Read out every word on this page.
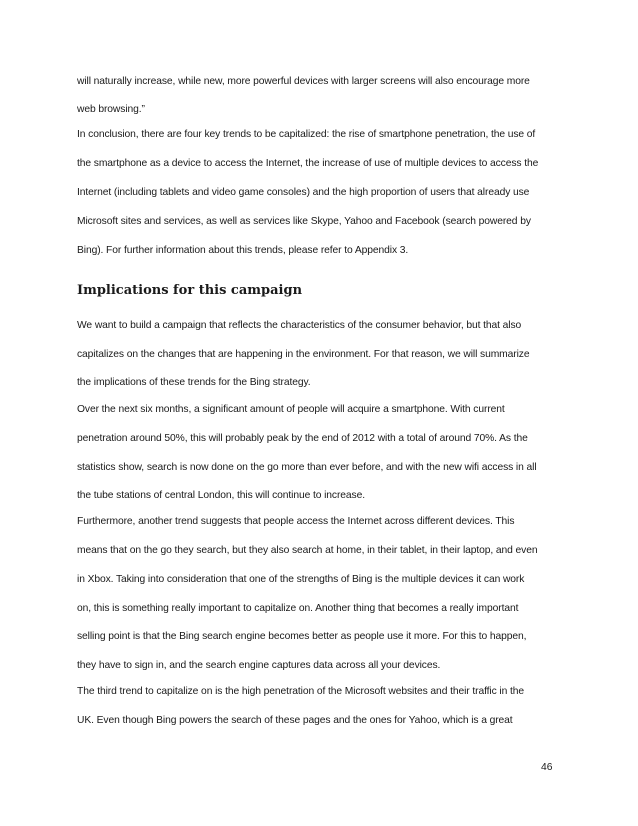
will naturally increase, while new, more powerful devices with larger screens will also encourage more
web browsing.”
In conclusion, there are four key trends to be capitalized: the rise of smartphone penetration, the use of
the smartphone as a device to access the Internet, the increase of use of multiple devices to access the
Internet (including tablets and video game consoles) and the high proportion of users that already use
Microsoft sites and services, as well as services like Skype, Yahoo and Facebook (search powered by
Bing). For further information about this trends, please refer to Appendix 3.
Implications for this campaign
We want to build a campaign that reflects the characteristics of the consumer behavior, but that also
capitalizes on the changes that are happening in the environment. For that reason, we will summarize
the implications of these trends for the Bing strategy.
Over the next six months, a significant amount of people will acquire a smartphone. With current
penetration around 50%, this will probably peak by the end of 2012 with a total of around 70%. As the
statistics show, search is now done on the go more than ever before, and with the new wifi access in all
the tube stations of central London, this will continue to increase.
Furthermore, another trend suggests that people access the Internet across different devices. This
means that on the go they search, but they also search at home, in their tablet, in their laptop, and even
in Xbox. Taking into consideration that one of the strengths of Bing is the multiple devices it can work
on, this is something really important to capitalize on. Another thing that becomes a really important
selling point is that the Bing search engine becomes better as people use it more. For this to happen,
they have to sign in, and the search engine captures data across all your devices.
The third trend to capitalize on is the high penetration of the Microsoft websites and their traffic in the
UK. Even though Bing powers the search of these pages and the ones for Yahoo, which is a great
46
